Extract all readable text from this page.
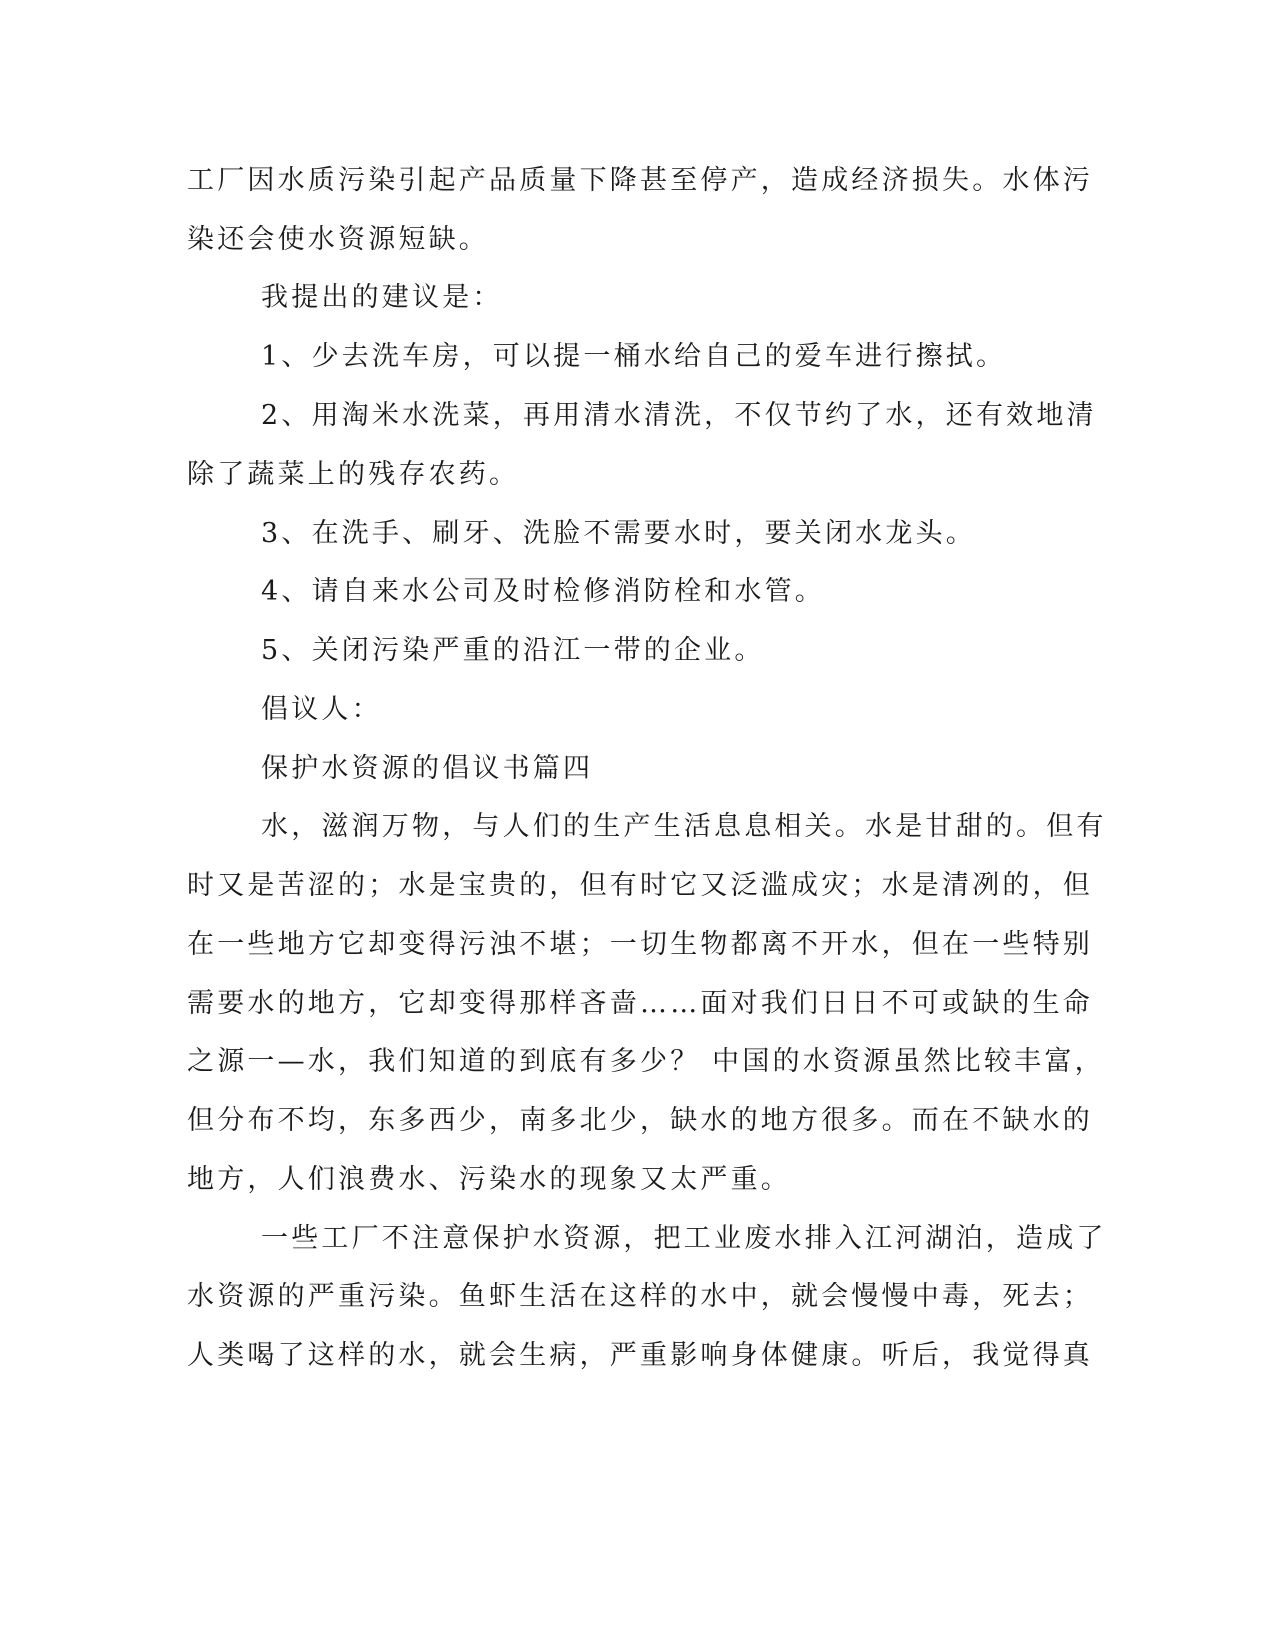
工厂因水质污染引起产品质量下降甚至停产，造成经济损失。水体污
染还会使水资源短缺。
我提出的建议是：
1、少去洗车房，可以提一桶水给自己的爱车进行擦拭。
2、用淘米水洗菜，再用清水清洗，不仅节约了水，还有效地清
除了蔬菜上的残存农药。
3、在洗手、刷牙、洗脸不需要水时，要关闭水龙头。
4、请自来水公司及时检修消防栓和水管。
5、关闭污染严重的沿江一带的企业。
倡议人：
保护水资源的倡议书篇四
水，滋润万物，与人们的生产生活息息相关。水是甘甜的。但有
时又是苦涩的；水是宝贵的，但有时它又泛滥成灾；水是清冽的，但
在一些地方它却变得污浊不堪；一切生物都离不开水，但在一些特别
需要水的地方，它却变得那样吝啬……面对我们日日不可或缺的生命
之源一—水，我们知道的到底有多少？ 中国的水资源虽然比较丰富，
但分布不均，东多西少，南多北少，缺水的地方很多。而在不缺水的
地方，人们浪费水、污染水的现象又太严重。
一些工厂不注意保护水资源，把工业废水排入江河湖泊，造成了
水资源的严重污染。鱼虾生活在这样的水中，就会慢慢中毒，死去；
人类喝了这样的水，就会生病，严重影响身体健康。听后，我觉得真
